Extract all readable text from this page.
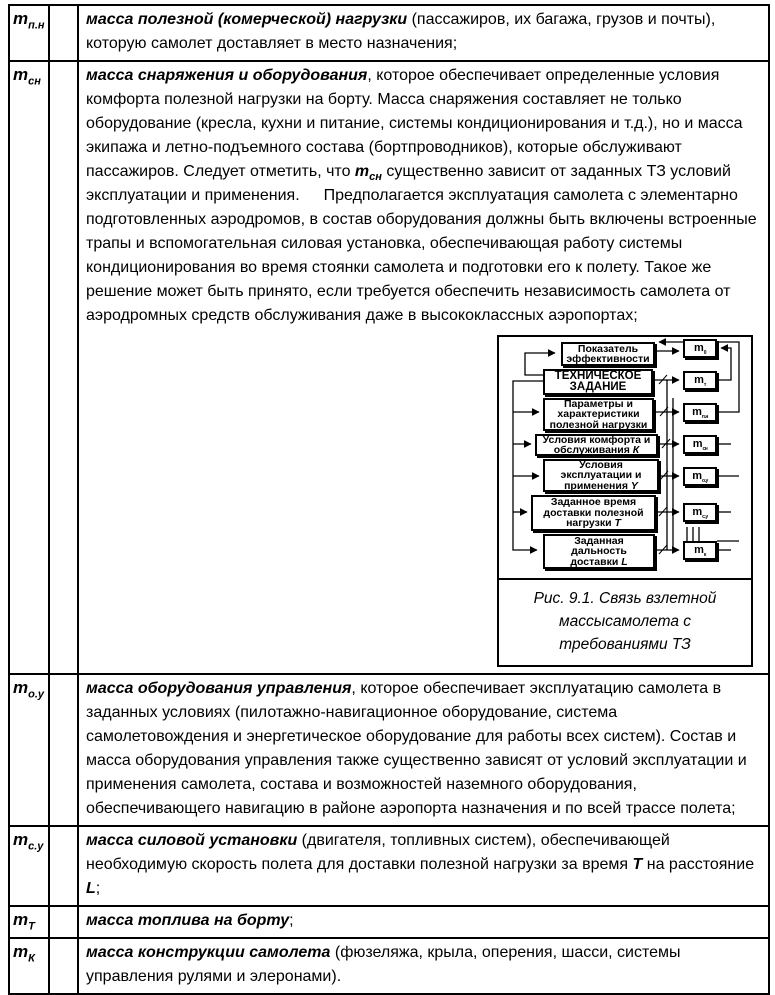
$m_{п.н}$	масса полезной (комерческой) нагрузки (пассажиров, их багажа, грузов и почты), которую самолет доставляет в место назначения;

$m_{сн}$	масса снаряжения и оборудования, которое обеспечивает определенные условия комфорта полезной нагрузки на борту. Масса снаряжения составляет не только оборудование (кресла, кухни и питание, системы кондиционирования и т.д.), но и масса экипажа и летно-подъемного состава (бортпроводников), которые обслуживают пассажиров. Следует отметить, что $m_{сн}$ существенно зависит от заданных ТЗ условий эксплуатации и применения.  Предполагается эксплуатация самолета с элементарно подготовленных аэродромов, в состав оборудования должны быть включены встроенные трапы и вспомогательная силовая установка, обеспечивающая работу системы кондиционирования во время стоянки самолета и подготовки его к полету. Такое же решение может быть принято, если требуется обеспечить независимость самолета от аэродромных средств обслуживания даже в высококлассных аэропортах;

Показатель эффективности
ТЕХНИЧЕСКОЕ ЗАДАНИЕ
Параметры и характеристики полезной нагрузки
Условия комфорта и обслуживания К
Условия эксплуатации и применения Y
Заданное время доставки полезной нагрузки Т
Заданная дальность доставки L
$m_0$
$m_т$
$m_{п.н}$
$m_{сн}$
$m_{о.у}$
$m_{с.у}$
$m_к$
Рис. 9.1. Связь взлетной
массысамолета с
требованиями ТЗ
$m_{о.у}$	масса оборудования управления, которое обеспечивает эксплуатацию самолета в заданных условиях (пилотажно-навигационное оборудование, система самолетовождения и энергетическое оборудование для работы всех систем). Состав и масса оборудования управления также существенно зависят от условий эксплуатации и применения самолета, состава и возможностей наземного оборудования, обеспечивающего навигацию в районе аэропорта назначения и по всей трассе полета;

$m_{с.у}$	масса силовой установки (двигателя, топливных систем), обеспечивающей необходимую скорость полета для доставки полезной нагрузки за время Т на расстояние L;

$m_Т$	масса топлива на борту;

$m_К$	масса конструкции самолета (фюзеляжа, крыла, оперения, шасси, системы управления рулями и элеронами).
